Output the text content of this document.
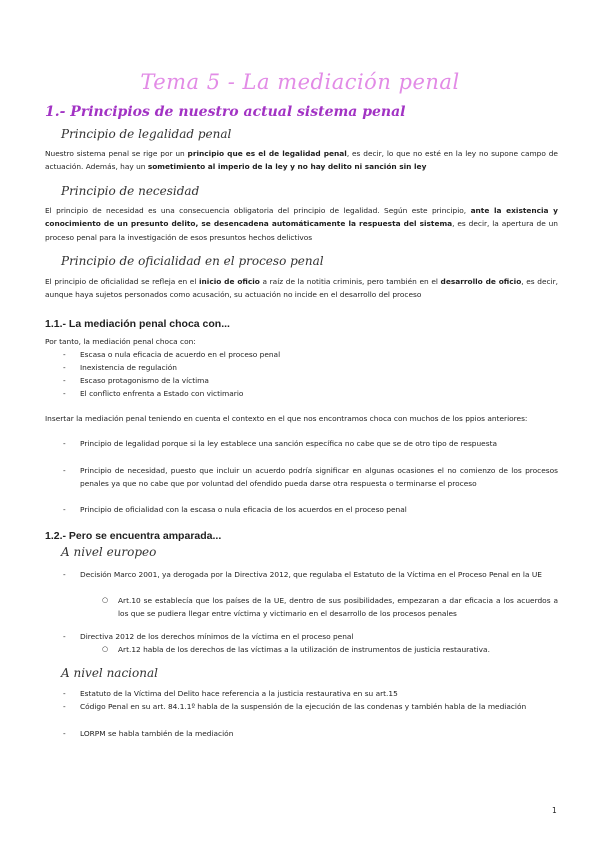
Tema 5 - La mediación penal
1.- Principios de nuestro actual sistema penal
Principio de legalidad penal
Nuestro sistema penal se rige por un principio que es el de legalidad penal, es decir, lo que no esté en la ley no supone campo de actuación. Además, hay un sometimiento al imperio de la ley y no hay delito ni sanción sin ley
Principio de necesidad
El principio de necesidad es una consecuencia obligatoria del principio de legalidad. Según este principio, ante la existencia y conocimiento de un presunto delito, se desencadena automáticamente la respuesta del sistema, es decir, la apertura de un proceso penal para la investigación de esos presuntos hechos delictivos
Principio de oficialidad en el proceso penal
El principio de oficialidad se refleja en el inicio de oficio a raíz de la notitia criminis, pero también en el desarrollo de oficio, es decir, aunque haya sujetos personados como acusación, su actuación no incide en el desarrollo del proceso
1.1.- La mediación penal choca con...
Por tanto, la mediación penal choca con:
- Escasa o nula eficacia de acuerdo en el proceso penal
- Inexistencia de regulación
- Escaso protagonismo de la víctima
- El conflicto enfrenta a Estado con victimario
Insertar la mediación penal teniendo en cuenta el contexto en el que nos encontramos choca con muchos de los ppios anteriores:
- Principio de legalidad porque si la ley establece una sanción específica no cabe que se de otro tipo de respuesta
- Principio de necesidad, puesto que incluir un acuerdo podría significar en algunas ocasiones el no comienzo de los procesos penales ya que no cabe que por voluntad del ofendido pueda darse otra respuesta o terminarse el proceso
- Principio de oficialidad con la escasa o nula eficacia de los acuerdos en el proceso penal
1.2.- Pero se encuentra amparada...
A nivel europeo
- Decisión Marco 2001, ya derogada por la Directiva 2012, que regulaba el Estatuto de la Víctima en el Proceso Penal en la UE
○ Art.10 se establecía que los países de la UE, dentro de sus posibilidades, empezaran a dar eficacia a los acuerdos a los que se pudiera llegar entre víctima y victimario en el desarrollo de los procesos penales
- Directiva 2012 de los derechos mínimos de la víctima en el proceso penal
○ Art.12 habla de los derechos de las víctimas a la utilización de instrumentos de justicia restaurativa.
A nivel nacional
- Estatuto de la Víctima del Delito hace referencia a la justicia restaurativa en su art.15
- Código Penal en su art. 84.1.1º habla de la suspensión de la ejecución de las condenas y también habla de la mediación
- LORPM se habla también de la mediación
1
